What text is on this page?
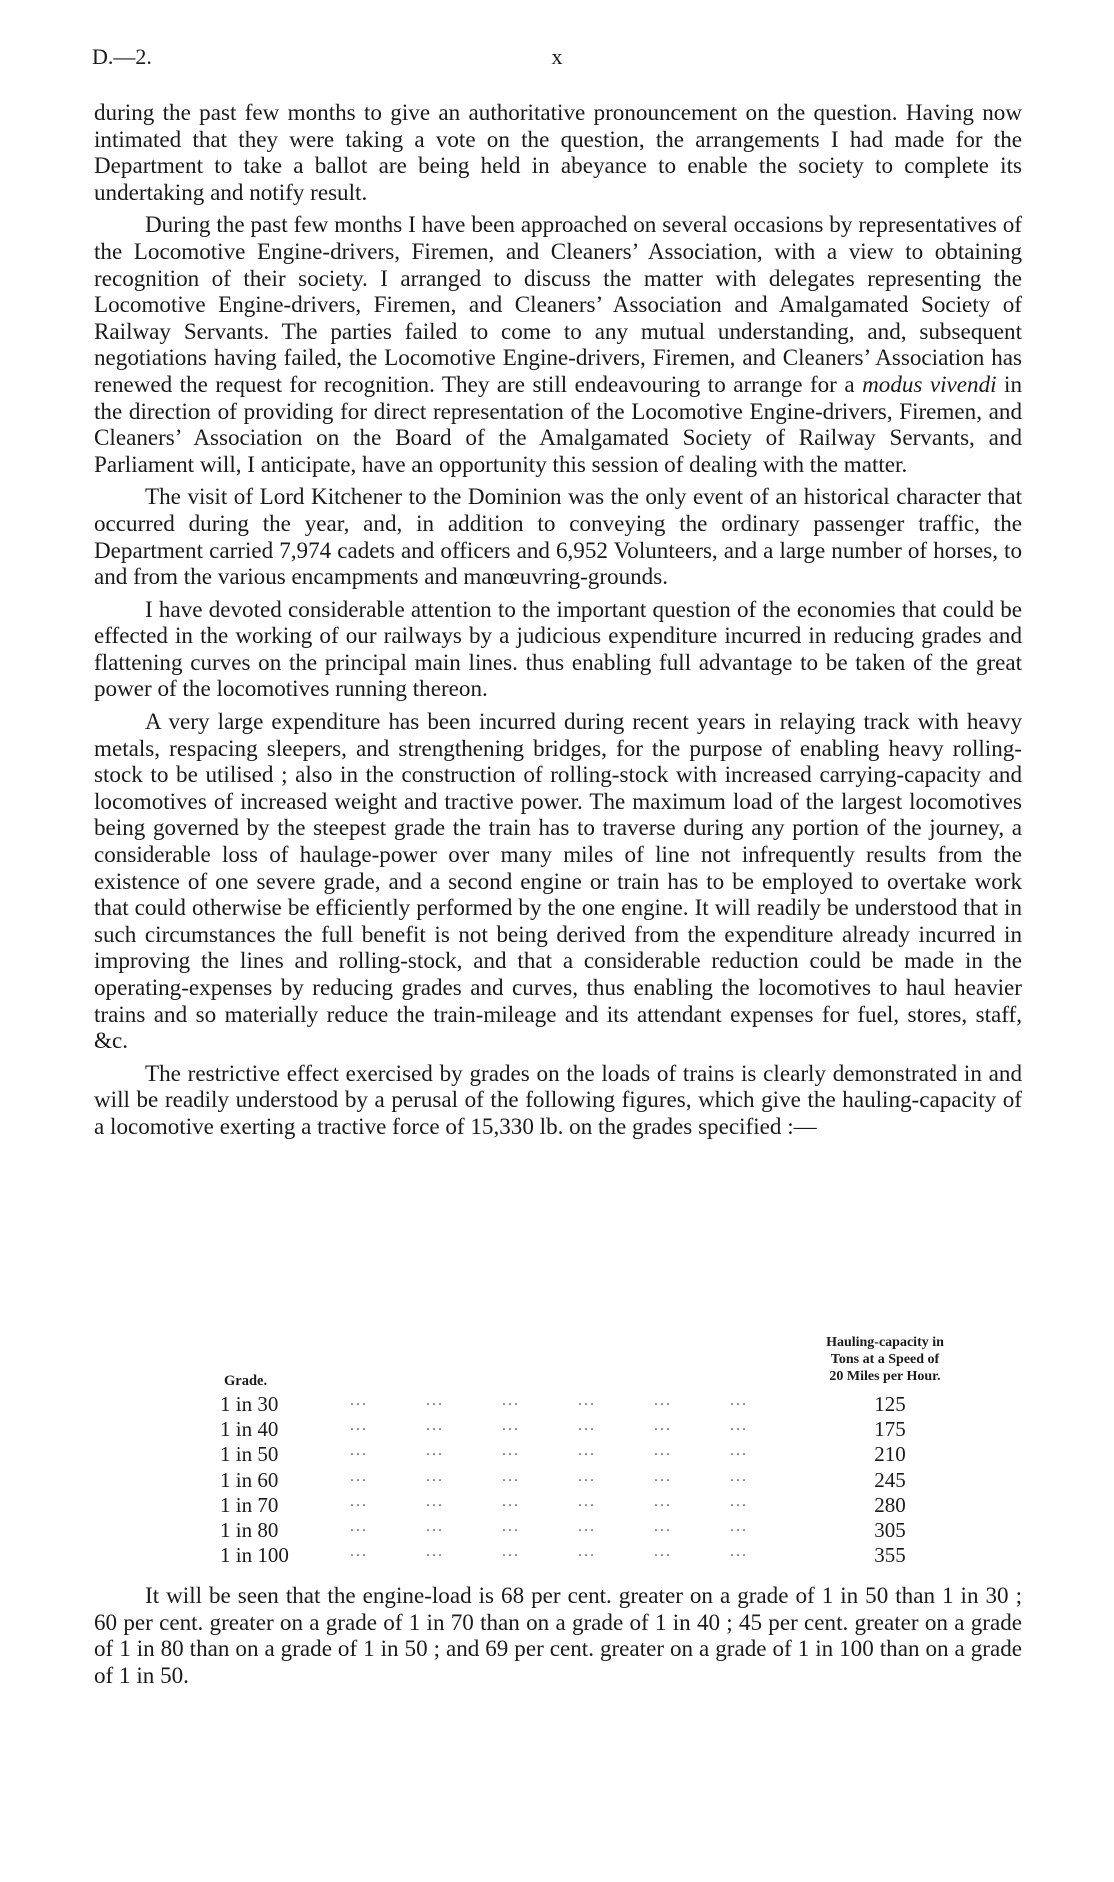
D.—2.	x

during the past few months to give an authoritative pronouncement on the question. Having now intimated that they were taking a vote on the question, the arrangements I had made for the Department to take a ballot are being held in abeyance to enable the society to complete its undertaking and notify result.

During the past few months I have been approached on several occasions by representatives of the Locomotive Engine-drivers, Firemen, and Cleaners’ Association, with a view to obtaining recognition of their society. I arranged to discuss the matter with delegates representing the Locomotive Engine-drivers, Firemen, and Cleaners’ Association and Amalgamated Society of Railway Servants. The parties failed to come to any mutual understanding, and, subsequent negotiations having failed, the Locomotive Engine-drivers, Firemen, and Cleaners’ Association has renewed the request for recognition. They are still endeavouring to arrange for a modus vivendi in the direction of providing for direct representation of the Locomotive Engine-drivers, Firemen, and Cleaners’ Association on the Board of the Amalgamated Society of Railway Servants, and Parliament will, I anticipate, have an opportunity this session of dealing with the matter.

The visit of Lord Kitchener to the Dominion was the only event of an historical character that occurred during the year, and, in addition to conveying the ordinary passenger traffic, the Department carried 7,974 cadets and officers and 6,952 Volunteers, and a large number of horses, to and from the various encampments and manœuvring-grounds.

I have devoted considerable attention to the important question of the economies that could be effected in the working of our railways by a judicious expenditure incurred in reducing grades and flattening curves on the principal main lines. thus enabling full advantage to be taken of the great power of the locomotives running thereon.

A very large expenditure has been incurred during recent years in relaying track with heavy metals, respacing sleepers, and strengthening bridges, for the purpose of enabling heavy rolling-stock to be utilised ; also in the construction of rolling-stock with increased carrying-capacity and locomotives of increased weight and tractive power. The maximum load of the largest locomotives being governed by the steepest grade the train has to traverse during any portion of the journey, a considerable loss of haulage-power over many miles of line not infrequently results from the existence of one severe grade, and a second engine or train has to be employed to overtake work that could otherwise be efficiently performed by the one engine. It will readily be understood that in such circumstances the full benefit is not being derived from the expenditure already incurred in improving the lines and rolling-stock, and that a considerable reduction could be made in the operating-expenses by reducing grades and curves, thus enabling the locomotives to haul heavier trains and so materially reduce the train-mileage and its attendant expenses for fuel, stores, staff, &c.

The restrictive effect exercised by grades on the loads of trains is clearly demonstrated in and will be readily understood by a perusal of the following figures, which give the hauling-capacity of a locomotive exerting a tractive force of 15,330 lb. on the grades specified :—

Grade.
Hauling-capacity in
Tons at a Speed of
20 Miles per Hour.
1 in 30	... ... ... ... ... ...	125
1 in 40	... ... ... ... ... ...	175
1 in 50	... ... ... ... ... ...	210
1 in 60	... ... ... ... ... ...	245
1 in 70	... ... ... ... ... ...	280
1 in 80	... ... ... ... ... ...	305
1 in 100	... ... ... ... ... ...	355

It will be seen that the engine-load is 68 per cent. greater on a grade of 1 in 50 than 1 in 30 ; 60 per cent. greater on a grade of 1 in 70 than on a grade of 1 in 40 ; 45 per cent. greater on a grade of 1 in 80 than on a grade of 1 in 50 ; and 69 per cent. greater on a grade of 1 in 100 than on a grade of 1 in 50.
